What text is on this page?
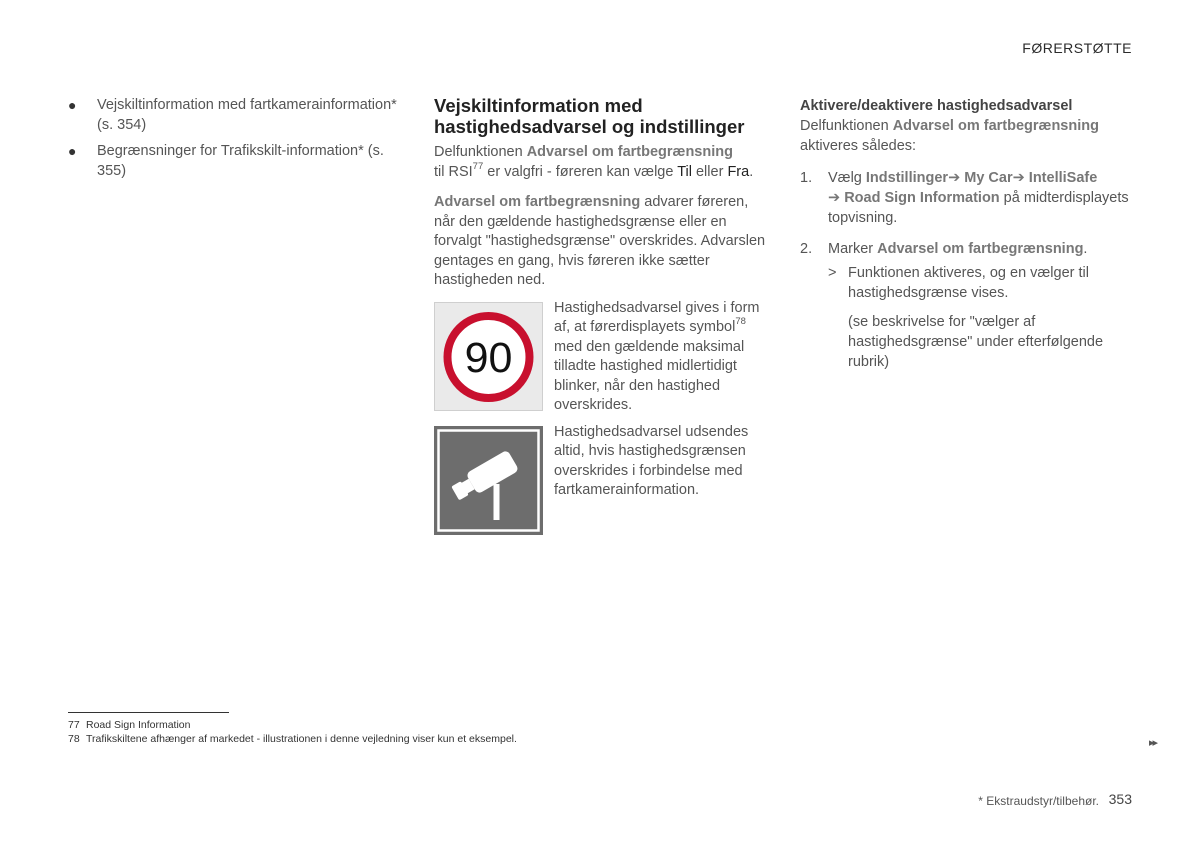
FØRERSTØTTE
● Vejskiltinformation med fartkamerainformation* (s. 354)
● Begrænsninger for Trafikskilt-information* (s. 355)
Vejskiltinformation med hastighedsadvarsel og indstillinger

Delfunktionen Advarsel om fartbegrænsning
til RSI$^{77}$ er valgfri - føreren kan vælge Til eller Fra.

Advarsel om fartbegrænsning advarer føreren, når den gældende hastighedsgrænse eller en forvalgt "hastighedsgrænse" overskrides. Advarslen gentages en gang, hvis føreren ikke sætter hastigheden ned.

90
Hastighedsadvarsel gives i form af, at førerdisplayets symbol$^{78}$ med den gældende maksimal tilladte hastighed midlertidigt blinker, når den hastighed overskrides.
Hastighedsadvarsel udsendes altid, hvis hastighedsgrænsen overskrides i forbindelse med fartkamerainformation.
Aktivere/deaktivere hastighedsadvarsel

Delfunktionen Advarsel om fartbegrænsning
aktiveres således:

1. Vælg Indstillinger➔ My Car➔ IntelliSafe
➔ Road Sign Information på midterdisplayets topvisning.
2. Marker Advarsel om fartbegrænsning.
> Funktionen aktiveres, og en vælger til hastighedsgrænse vises.
(se beskrivelse for "vælger af hastighedsgrænse" under efterfølgende rubrik)
77 Road Sign Information
78 Trafikskiltene afhænger af markedet - illustrationen i denne vejledning viser kun et eksempel.	▸▸
* Ekstraudstyr/tilbehør. 353
